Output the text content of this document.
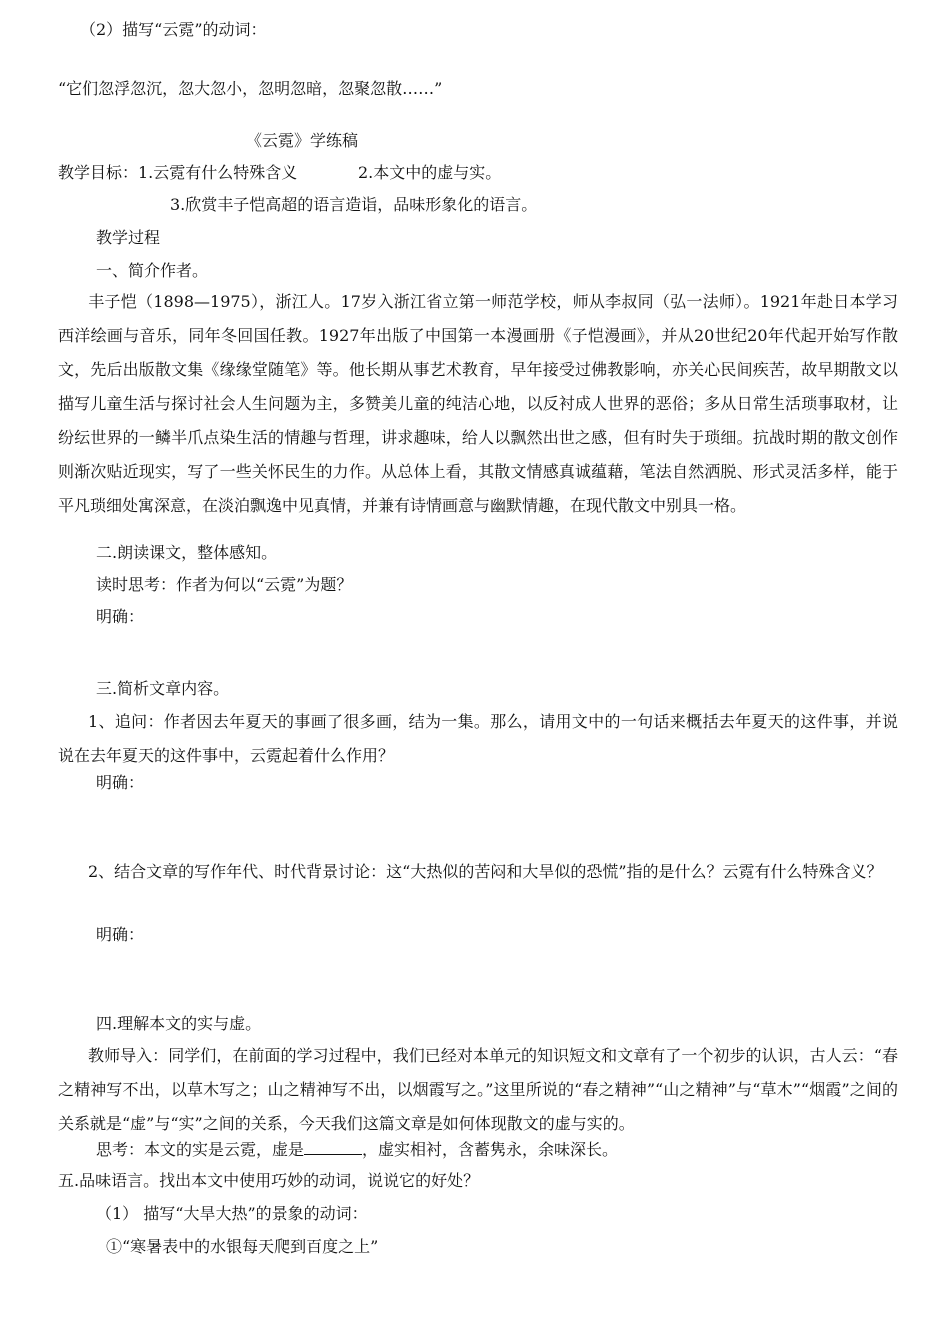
（2）描写“云霓”的动词：
“它们忽浮忽沉，忽大忽小，忽明忽暗，忽聚忽散……”
《云霓》学练稿
教学目标：1.云霓有什么特殊含义	2.本文中的虚与实。
3.欣赏丰子恺高超的语言造诣，品味形象化的语言。
教学过程
一、简介作者。
丰子恺（1898—1975），浙江人。17岁入浙江省立第一师范学校，师从李叔同（弘一法师）。1921年赴日本学习西洋绘画与音乐，同年冬回国任教。1927年出版了中国第一本漫画册《子恺漫画》，并从20世纪20年代起开始写作散文，先后出版散文集《缘缘堂随笔》等。他长期从事艺术教育，早年接受过佛教影响，亦关心民间疾苦，故早期散文以描写儿童生活与探讨社会人生问题为主，多赞美儿童的纯洁心地，以反衬成人世界的恶俗；多从日常生活琐事取材，让纷纭世界的一鳞半爪点染生活的情趣与哲理，讲求趣味，给人以飘然出世之感，但有时失于琐细。抗战时期的散文创作则渐次贴近现实，写了一些关怀民生的力作。从总体上看，其散文情感真诚蕴藉，笔法自然洒脱、形式灵活多样，能于平凡琐细处寓深意，在淡泊飘逸中见真情，并兼有诗情画意与幽默情趣，在现代散文中别具一格。
二.朗读课文，整体感知。
读时思考：作者为何以“云霓”为题？
明确：
三.简析文章内容。
1、追问：作者因去年夏天的事画了很多画，结为一集。那么，请用文中的一句话来概括去年夏天的这件事，并说说在去年夏天的这件事中，云霓起着什么作用？
明确：
2、结合文章的写作年代、时代背景讨论：这“大热似的苦闷和大旱似的恐慌”指的是什么？云霓有什么特殊含义？
明确：
四.理解本文的实与虚。
教师导入：同学们，在前面的学习过程中，我们已经对本单元的知识短文和文章有了一个初步的认识，古人云：“春之精神写不出，以草木写之；山之精神写不出，以烟霞写之。”这里所说的“春之精神”“山之精神”与“草木”“烟霞”之间的关系就是“虚”与“实”之间的关系，今天我们这篇文章是如何体现散文的虚与实的。
思考：本文的实是云霓，虚是	，虚实相衬，含蓄隽永，余味深长。
五.品味语言。找出本文中使用巧妙的动词，说说它的好处？
（1） 描写“大旱大热”的景象的动词：
①“寒暑表中的水银每天爬到百度之上”
